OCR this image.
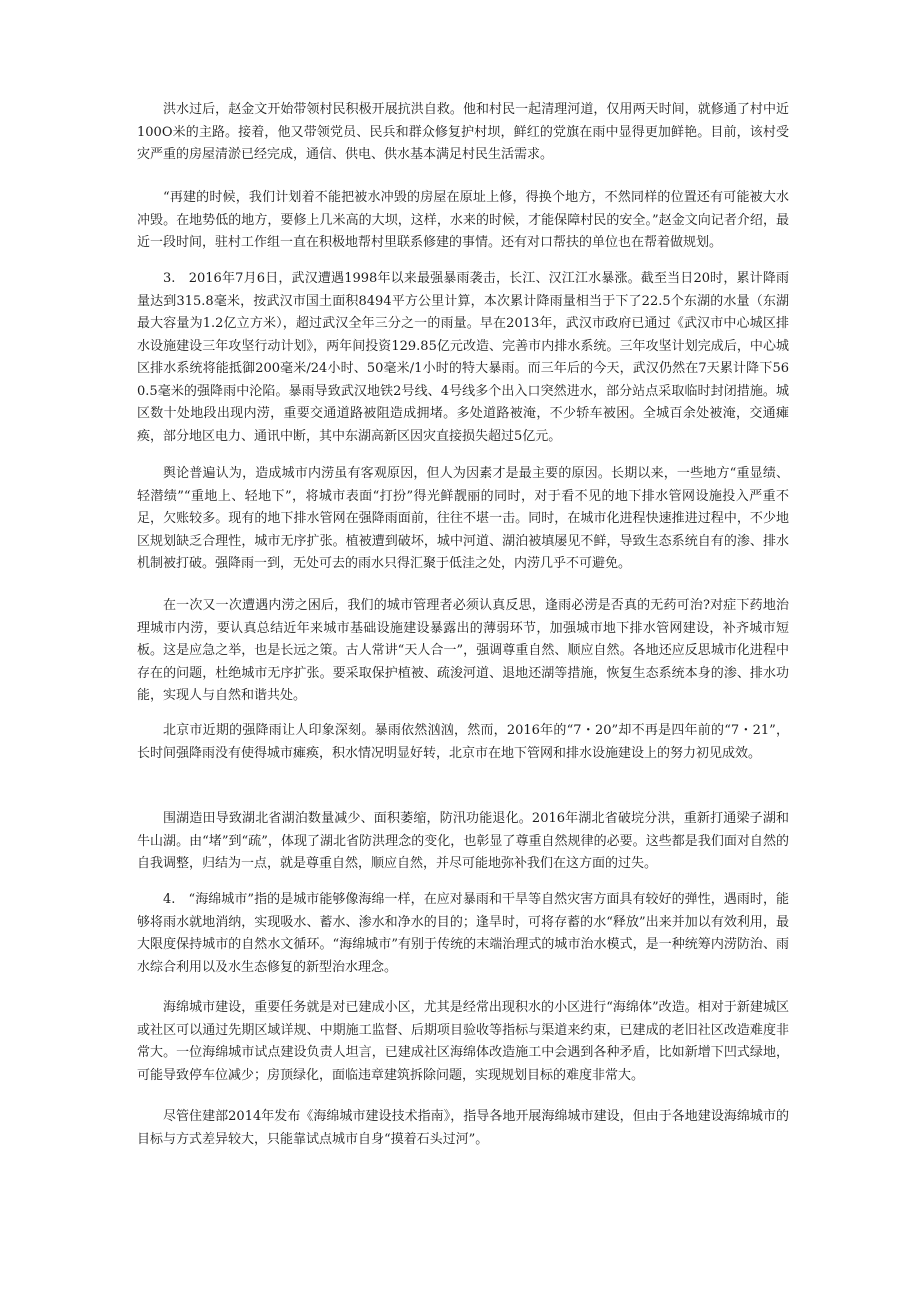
洪水过后，赵金文开始带领村民积极开展抗洪自救。他和村民一起清理河道，仅用两天时间，就修通了村中近100O米的主路。接着，他又带领党员、民兵和群众修复护村坝，鲜红的党旗在雨中显得更加鲜艳。目前，该村受灾严重的房屋清淤已经完成，通信、供电、供水基本满足村民生活需求。

“再建的时候，我们计划着不能把被水冲毁的房屋在原址上修，得换个地方，不然同样的位置还有可能被大水冲毁。在地势低的地方，要修上几米高的大坝，这样，水来的时候，才能保障村民的安全。”赵金文向记者介绍，最近一段时间，驻村工作组一直在积极地帮村里联系修建的事情。还有对口帮扶的单位也在帮着做规划。

3.　2016年7月6日，武汉遭遇1998年以来最强暴雨袭击，长江、汉江江水暴涨。截至当日20时，累计降雨量达到315.8毫米，按武汉市国土面积8494平方公里计算，本次累计降雨量相当于下了22.5个东湖的水量（东湖最大容量为1.2亿立方米），超过武汉全年三分之一的雨量。早在2013年，武汉市政府已通过《武汉市中心城区排水设施建设三年攻坚行动计划》，两年间投资129.85亿元改造、完善市内排水系统。三年攻坚计划完成后，中心城区排水系统将能抵御200毫米/24小时、50毫米/1小时的特大暴雨。而三年后的今天，武汉仍然在7天累计降下560.5毫米的强降雨中沦陷。暴雨导致武汉地铁2号线、4号线多个出入口突然进水，部分站点采取临时封闭措施。城区数十处地段出现内涝，重要交通道路被阻造成拥堵。多处道路被淹，不少轿车被困。全城百余处被淹，交通瘫痪，部分地区电力、通讯中断，其中东湖高新区因灾直接损失超过5亿元。

舆论普遍认为，造成城市内涝虽有客观原因，但人为因素才是最主要的原因。长期以来，一些地方“重显绩、轻潜绩”“重地上、轻地下”，将城市表面“打扮”得光鲜靓丽的同时，对于看不见的地下排水管网设施投入严重不足，欠账较多。现有的地下排水管网在强降雨面前，往往不堪一击。同时，在城市化进程快速推进过程中，不少地区规划缺乏合理性，城市无序扩张。植被遭到破坏，城中河道、湖泊被填屡见不鲜，导致生态系统自有的渗、排水机制被打破。强降雨一到，无处可去的雨水只得汇聚于低洼之处，内涝几乎不可避免。

在一次又一次遭遇内涝之困后，我们的城市管理者必须认真反思，逢雨必涝是否真的无药可治?对症下药地治理城市内涝，要认真总结近年来城市基础设施建设暴露出的薄弱环节，加强城市地下排水管网建设，补齐城市短板。这是应急之举，也是长远之策。古人常讲“天人合一”，强调尊重自然、顺应自然。各地还应反思城市化进程中存在的问题，杜绝城市无序扩张。要采取保护植被、疏浚河道、退地还湖等措施，恢复生态系统本身的渗、排水功能，实现人与自然和谐共处。

北京市近期的强降雨让人印象深刻。暴雨依然汹汹，然而，2016年的“7・20”却不再是四年前的“7・21”，长时间强降雨没有使得城市瘫痪，积水情况明显好转，北京市在地下管网和排水设施建设上的努力初见成效。

围湖造田导致湖北省湖泊数量减少、面积萎缩，防汛功能退化。2016年湖北省破垸分洪，重新打通梁子湖和牛山湖。由“堵”到“疏”，体现了湖北省防洪理念的变化，也彰显了尊重自然规律的必要。这些都是我们面对自然的自我调整，归结为一点，就是尊重自然，顺应自然，并尽可能地弥补我们在这方面的过失。

4.　“海绵城市”指的是城市能够像海绵一样，在应对暴雨和干旱等自然灾害方面具有较好的弹性，遇雨时，能够将雨水就地消纳，实现吸水、蓄水、渗水和净水的目的；逢旱时，可将存蓄的水“释放”出来并加以有效利用，最大限度保持城市的自然水文循环。“海绵城市”有别于传统的末端治理式的城市治水模式，是一种统筹内涝防治、雨水综合利用以及水生态修复的新型治水理念。

海绵城市建设，重要任务就是对已建成小区，尤其是经常出现积水的小区进行“海绵体”改造。相对于新建城区或社区可以通过先期区域详规、中期施工监督、后期项目验收等指标与渠道来约束，已建成的老旧社区改造难度非常大。一位海绵城市试点建设负责人坦言，已建成社区海绵体改造施工中会遇到各种矛盾，比如新增下凹式绿地，可能导致停车位减少；房顶绿化，面临违章建筑拆除问题，实现规划目标的难度非常大。

尽管住建部2014年发布《海绵城市建设技术指南》，指导各地开展海绵城市建设，但由于各地建设海绵城市的目标与方式差异较大，只能靠试点城市自身“摸着石头过河”。
